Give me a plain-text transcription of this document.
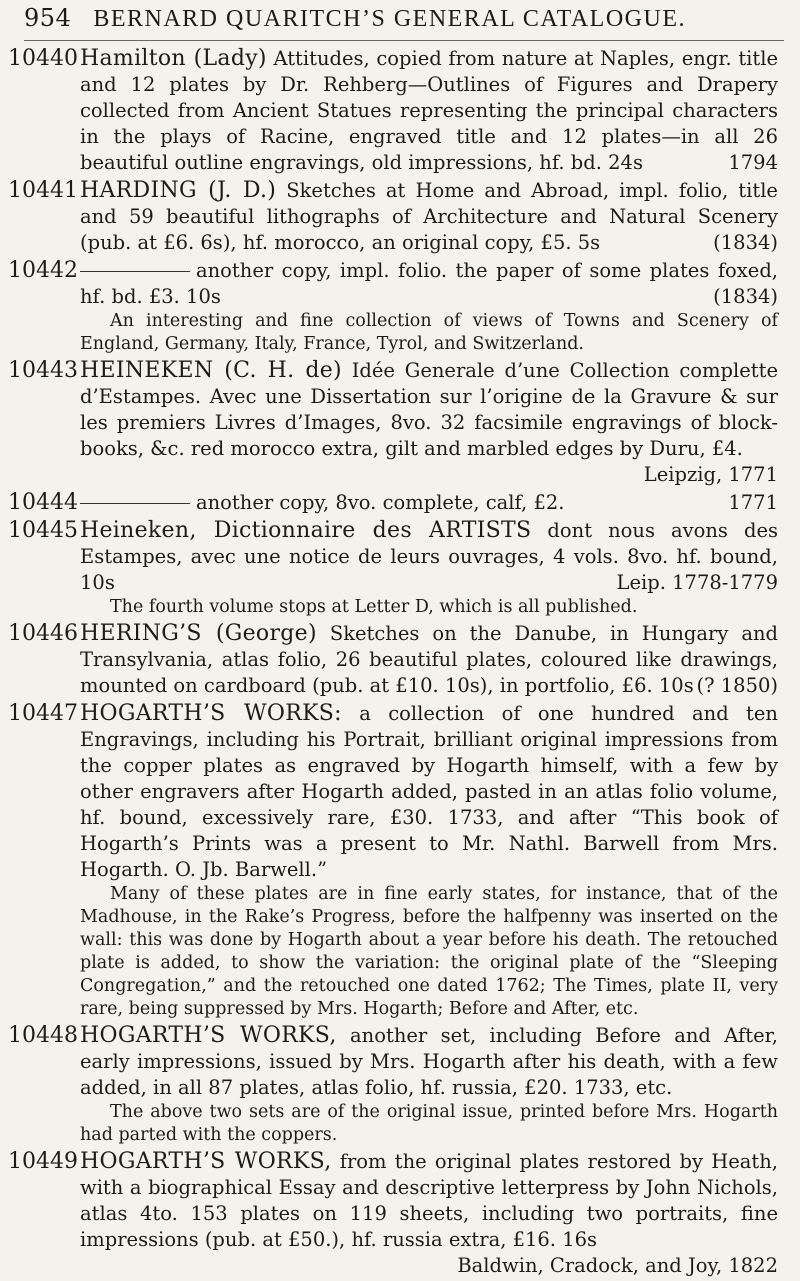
954 BERNARD QUARITCH’S GENERAL CATALOGUE.
10440 Hamilton (Lady) Attitudes, copied from nature at Naples, engr. title and 12 plates by Dr. Rehberg—Outlines of Figures and Drapery collected from Ancient Statues representing the principal characters in the plays of Racine, engraved title and 12 plates—in all 26 beautiful outline engravings, old impressions, hf. bd. 24s	1794
10441 HARDING (J. D.) Sketches at Home and Abroad, impl. folio, title and 59 beautiful lithographs of Architecture and Natural Scenery (pub. at £6. 6s), hf. morocco, an original copy, £5. 5s	(1834)
10442	another copy, impl. folio. the paper of some plates foxed, hf. bd. £3. 10s	(1834)
An interesting and fine collection of views of Towns and Scenery of England, Germany, Italy, France, Tyrol, and Switzerland.
10443 HEINEKEN (C. H. de) Idée Generale d’une Collection complette d’Estampes. Avec une Dissertation sur l’origine de la Gravure & sur les premiers Livres d’Images, 8vo. 32 facsimile engravings of block-books, &c. red morocco extra, gilt and marbled edges by Duru, £4.
Leipzig, 1771
10444	another copy, 8vo. complete, calf, £2.	1771
10445 Heineken, Dictionnaire des ARTISTS dont nous avons des Estampes, avec une notice de leurs ouvrages, 4 vols. 8vo. hf. bound, 10s	Leip. 1778-1779
The fourth volume stops at Letter D, which is all published.
10446 HERING’S (George) Sketches on the Danube, in Hungary and Transylvania, atlas folio, 26 beautiful plates, coloured like drawings, mounted on cardboard (pub. at £10. 10s), in portfolio, £6. 10s (? 1850)
10447 HOGARTH’S WORKS: a collection of one hundred and ten Engravings, including his Portrait, brilliant original impressions from the copper plates as engraved by Hogarth himself, with a few by other engravers after Hogarth added, pasted in an atlas folio volume, hf. bound, excessively rare, £30. 1733, and after “This book of Hogarth’s Prints was a present to Mr. Nathl. Barwell from Mrs. Hogarth. O. Jb. Barwell.”
Many of these plates are in fine early states, for instance, that of the Madhouse, in the Rake’s Progress, before the halfpenny was inserted on the wall: this was done by Hogarth about a year before his death. The retouched plate is added, to show the variation: the original plate of the “Sleeping Congregation,” and the retouched one dated 1762; The Times, plate II, very rare, being suppressed by Mrs. Hogarth; Before and After, etc.
10448 HOGARTH’S WORKS, another set, including Before and After, early impressions, issued by Mrs. Hogarth after his death, with a few added, in all 87 plates, atlas folio, hf. russia, £20. 1733, etc.
The above two sets are of the original issue, printed before Mrs. Hogarth had parted with the coppers.
10449 HOGARTH’S WORKS, from the original plates restored by Heath, with a biographical Essay and descriptive letterpress by John Nichols, atlas 4to. 153 plates on 119 sheets, including two portraits, fine impressions (pub. at £50.), hf. russia extra, £16. 16s
Baldwin, Cradock, and Joy, 1822
